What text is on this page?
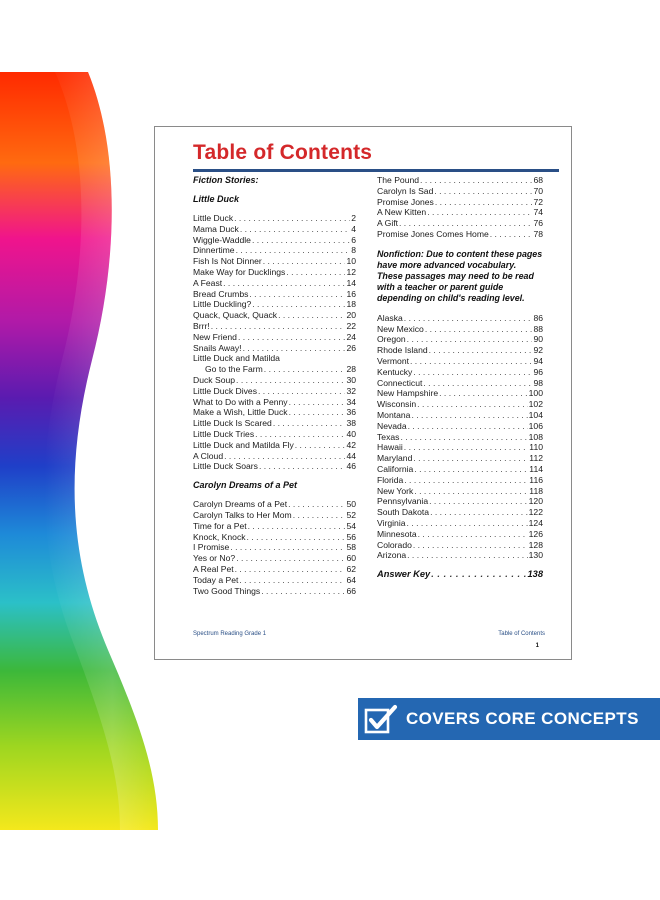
Table of Contents
Fiction Stories:
Little Duck
Little Duck . . .	2
Mama Duck . . .	4
Wiggle-Waddle . . .	6
Dinnertime . . .	8
Fish Is Not Dinner . . .	10
Make Way for Ducklings . . .	12
A Feast . . .	14
Bread Crumbs . . .	16
Little Duckling? . . .	18
Quack, Quack, Quack . . .	20
Brrr! . . .	22
New Friend . . .	24
Snails Away! . . .	26
Little Duck and Matilda
Go to the Farm . . .	28
Duck Soup . . .	30
Little Duck Dives . . .	32
What to Do with a Penny . . .	34
Make a Wish, Little Duck . . .	36
Little Duck Is Scared . . .	38
Little Duck Tries . . .	40
Little Duck and Matilda Fly . . .	42
A Cloud . . .	44
Little Duck Soars . . .	46
Carolyn Dreams of a Pet
Carolyn Dreams of a Pet . . .	50
Carolyn Talks to Her Mom . . .	52
Time for a Pet . . .	54
Knock, Knock . . .	56
I Promise . . .	58
Yes or No? . . .	60
A Real Pet . . .	62
Today a Pet . . .	64
Two Good Things . . .	66
The Pound . . .	68
Carolyn Is Sad . . .	70
Promise Jones . . .	72
A New Kitten . . .	74
A Gift . . .	76
Promise Jones Comes Home . . .	78

Nonfiction: Due to content these pages have more advanced vocabulary. These passages may need to be read with a teacher or parent guide depending on child's reading level.

Alaska . . .	86
New Mexico . . .	88
Oregon . . .	90
Rhode Island . . .	92
Vermont . . .	94
Kentucky . . .	96
Connecticut . . .	98
New Hampshire . . .	100
Wisconsin . . .	102
Montana . . .	104
Nevada . . .	106
Texas . . .	108
Hawaii . . .	110
Maryland . . .	112
California . . .	114
Florida . . .	116
New York . . .	118
Pennsylvania . . .	120
South Dakota . . .	122
Virginia . . .	124
Minnesota . . .	126
Colorado . . .	128
Arizona . . .	130
Answer Key . . .	138
Spectrum Reading Grade 1	Table of Contents
1
COVERS CORE CONCEPTS
